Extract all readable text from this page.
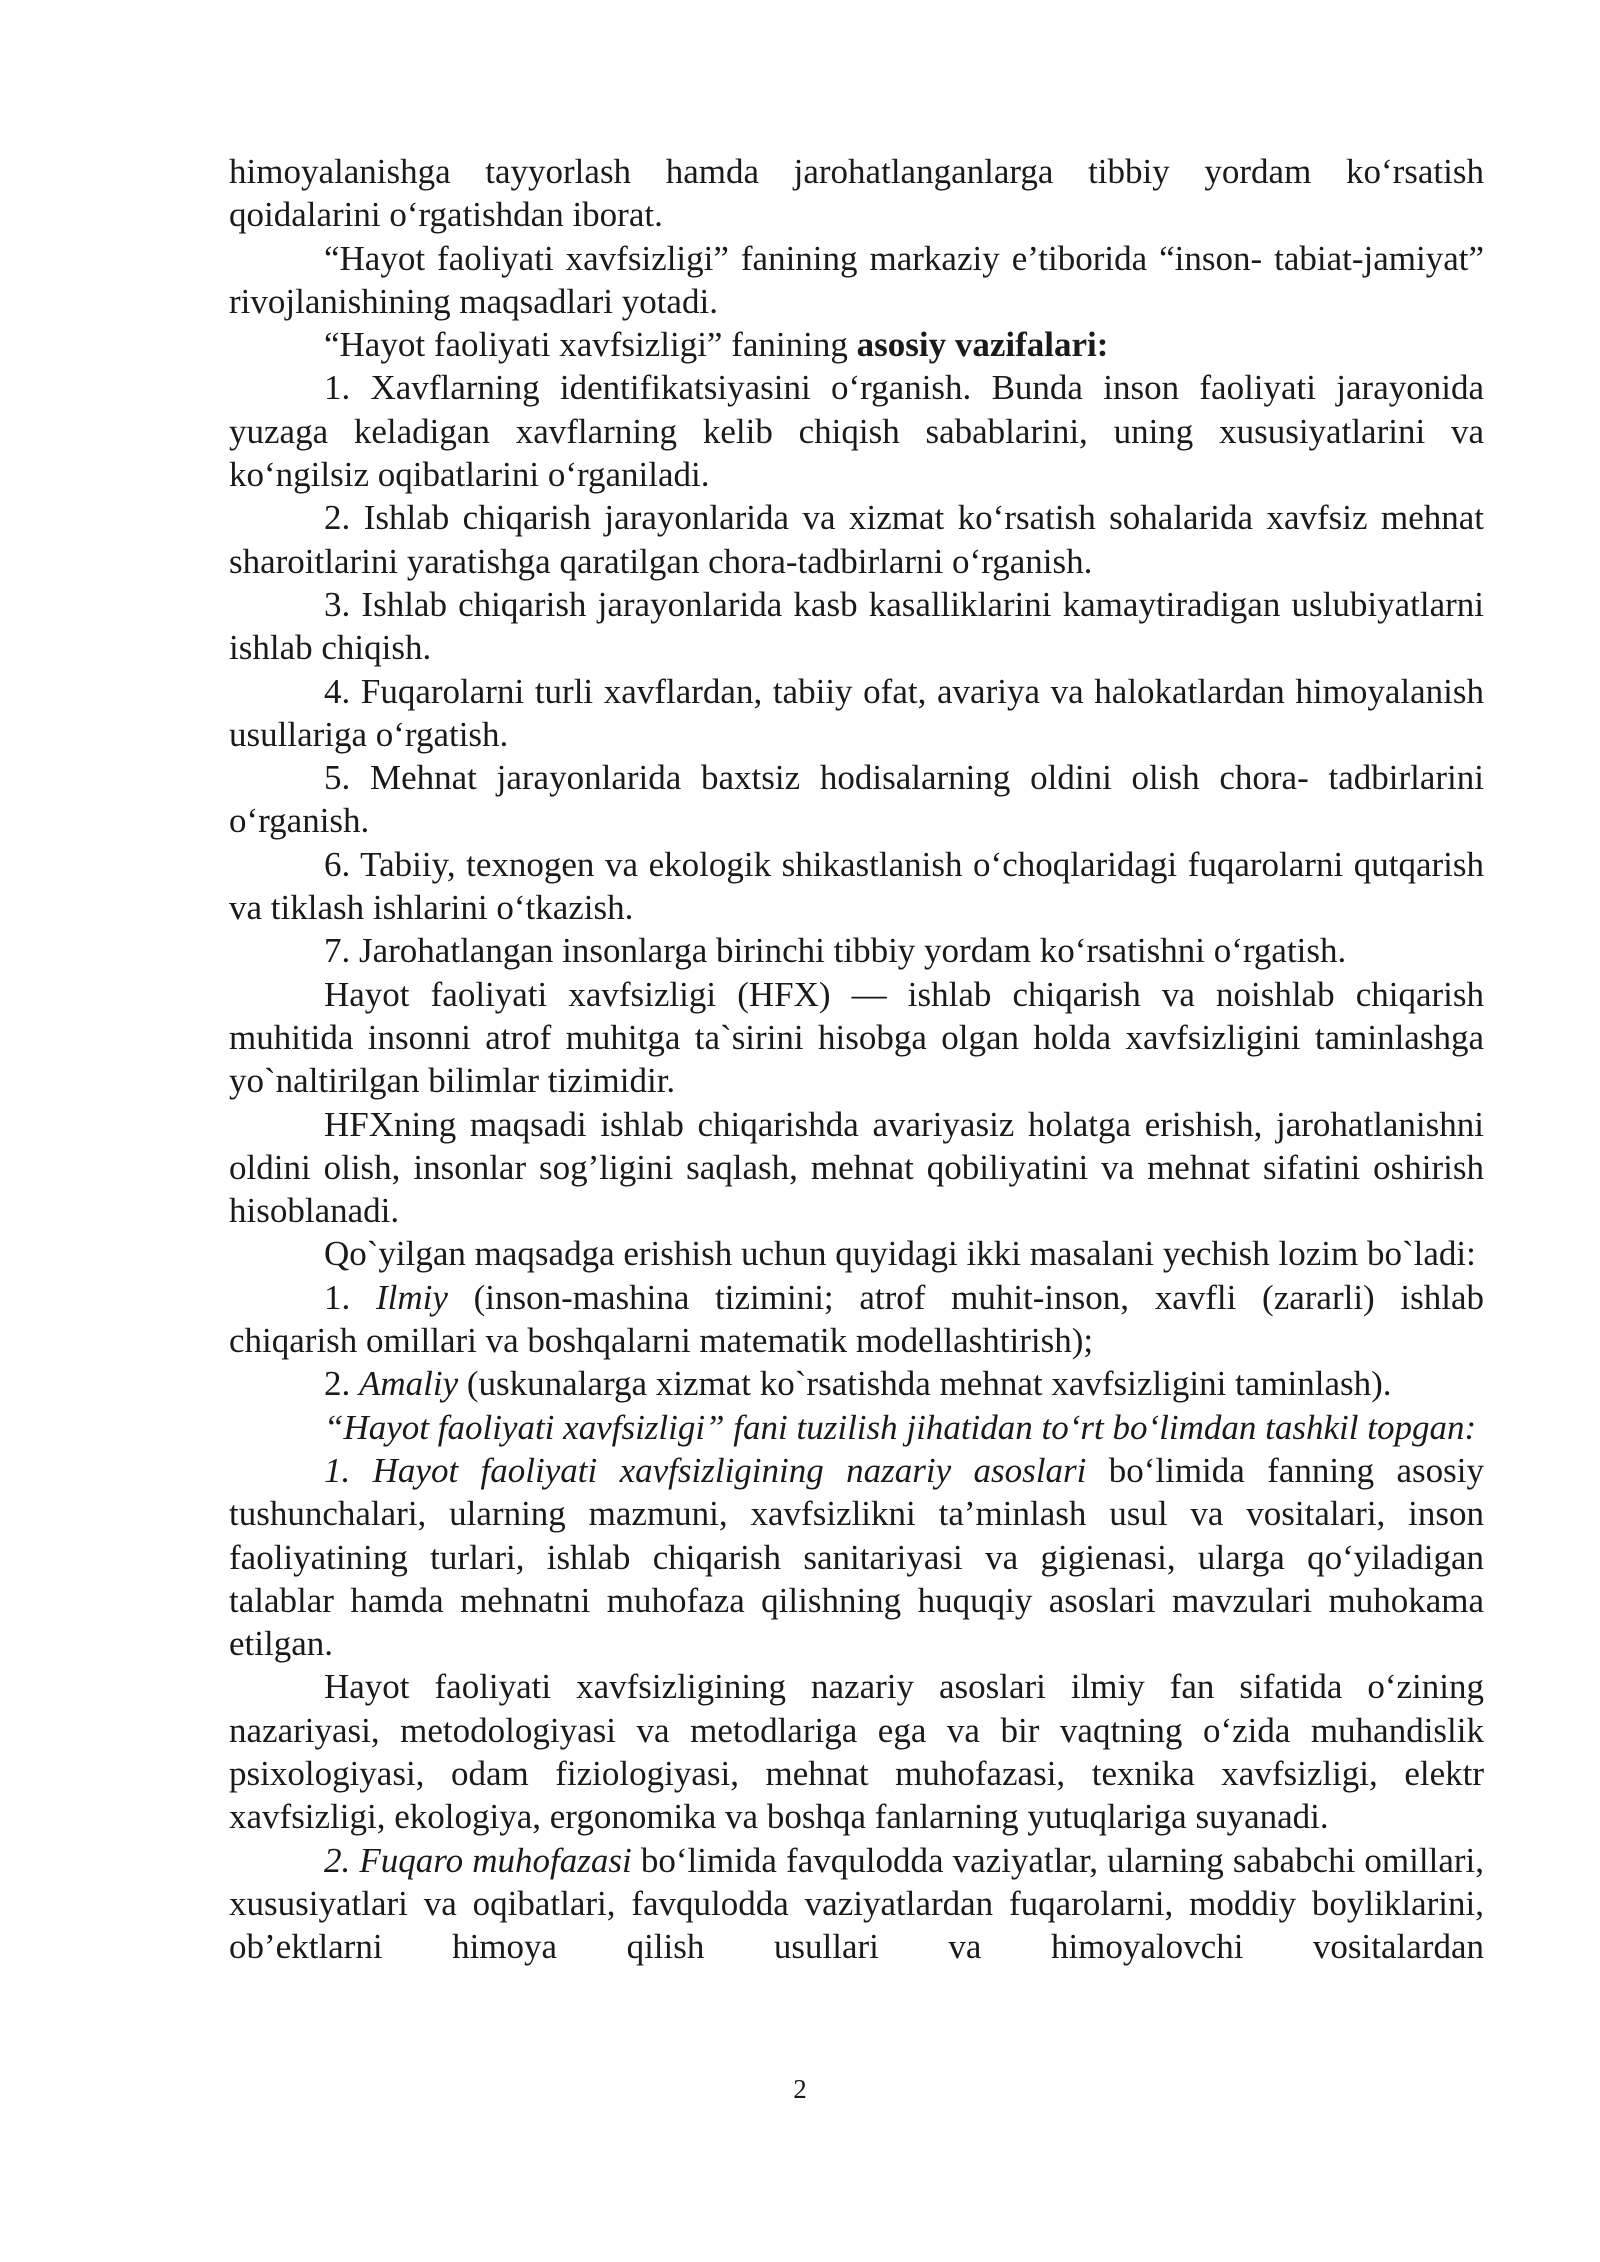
himoyalanishga tayyorlash hamda jarohatlanganlarga tibbiy yordam ko‘rsatish qoidalarini o‘rgatishdan iborat.

“Hayot faoliyati xavfsizligi” fanining markaziy e’tiborida “inson- tabiat-jamiyat” rivojlanishining maqsadlari yotadi.

“Hayot faoliyati xavfsizligi” fanining asosiy vazifalari:

1. Xavflarning identifikatsiyasini o‘rganish. Bunda inson faoliyati jarayonida yuzaga keladigan xavflarning kelib chiqish sabablarini, uning xususiyatlarini va ko‘ngilsiz oqibatlarini o‘rganiladi.

2. Ishlab chiqarish jarayonlarida va xizmat ko‘rsatish sohalarida xavfsiz mehnat sharoitlarini yaratishga qaratilgan chora-tadbirlarni o‘rganish.

3. Ishlab chiqarish jarayonlarida kasb kasalliklarini kamaytiradigan uslubiyatlarni ishlab chiqish.

4. Fuqarolarni turli xavflardan, tabiiy ofat, avariya va halokatlardan himoyalanish usullariga o‘rgatish.

5. Mehnat jarayonlarida baxtsiz hodisalarning oldini olish chora- tadbirlarini o‘rganish.

6. Tabiiy, texnogen va ekologik shikastlanish o‘choqlaridagi fuqarolarni qutqarish va tiklash ishlarini o‘tkazish.

7. Jarohatlangan insonlarga birinchi tibbiy yordam ko‘rsatishni o‘rgatish.

Hayot faoliyati xavfsizligi (HFX) — ishlab chiqarish va noishlab chiqarish muhitida insonni atrof muhitga ta`sirini hisobga olgan holda xavfsizligini taminlashga yo`naltirilgan bilimlar tizimidir.

HFXning maqsadi ishlab chiqarishda avariyasiz holatga erishish, jarohatlanishni oldini olish, insonlar sog’ligini saqlash, mehnat qobiliyatini va mehnat sifatini oshirish hisoblanadi.

Qo`yilgan maqsadga erishish uchun quyidagi ikki masalani yechish lozim bo`ladi:

1. Ilmiy (inson-mashina tizimini; atrof muhit-inson, xavfli (zararli) ishlab chiqarish omillari va boshqalarni matematik modellashtirish);

2. Amaliy (uskunalarga xizmat ko`rsatishda mehnat xavfsizligini taminlash).

“Hayot faoliyati xavfsizligi” fani tuzilish jihatidan to‘rt bo‘limdan tashkil topgan:

1. Hayot faoliyati xavfsizligining nazariy asoslari bo‘limida fanning asosiy tushunchalari, ularning mazmuni, xavfsizlikni ta’minlash usul va vositalari, inson faoliyatining turlari, ishlab chiqarish sanitariyasi va gigienasi, ularga qo‘yiladigan talablar hamda mehnatni muhofaza qilishning huquqiy asoslari mavzulari muhokama etilgan.

Hayot faoliyati xavfsizligining nazariy asoslari ilmiy fan sifatida o‘zining nazariyasi, metodologiyasi va metodlariga ega va bir vaqtning o‘zida muhandislik psixologiyasi, odam fiziologiyasi, mehnat muhofazasi, texnika xavfsizligi, elektr xavfsizligi, ekologiya, ergonomika va boshqa fanlarning yutuqlariga suyanadi.

2. Fuqaro muhofazasi bo‘limida favqulodda vaziyatlar, ularning sababchi omillari, xususiyatlari va oqibatlari, favqulodda vaziyatlardan fuqarolarni, moddiy boyliklarini, ob’ektlarni himoya qilish usullari va himoyalovchi vositalardan

2
